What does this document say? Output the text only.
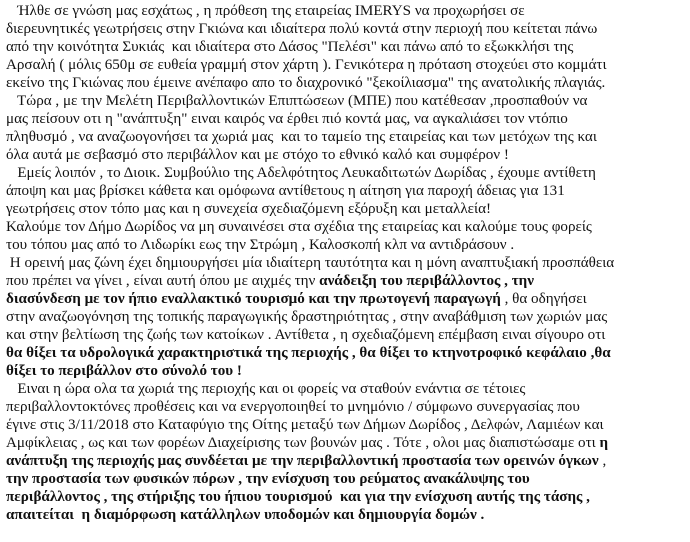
Ήλθε σε γνώση μας εσχάτως , η πρόθεση της εταιρείας IMERYS να προχωρήσει σε
διερευνητικές γεωτρήσεις στην Γκιώνα και ιδιαίτερα πολύ κοντά στην περιοχή που κείτεται πάνω
από την κοινότητα Συκιάς  και ιδιαίτερα στο Δάσος "Πελέσι" και πάνω από το εξωκκλήσι της
Αρσαλή ( μόλις 650μ σε ευθεία γραμμή στον χάρτη ). Γενικότερα η πρόταση στοχεύει στο κομμάτι
εκείνο της Γκιώνας που έμεινε ανέπαφο απο το διαχρονικό "ξεκοίλιασμα" της ανατολικής πλαγιάς.
Τώρα , με την Μελέτη Περιβαλλοντικών Επιπτώσεων (ΜΠΕ) που κατέθεσαν ,προσπαθούν να
μας πείσουν οτι η "ανάπτυξη" ειναι καιρός να έρθει πιό κοντά μας, να αγκαλιάσει τον ντόπιο
πληθυσμό , να αναζωογονήσει τα χωριά μας  και το ταμείο της εταιρείας και των μετόχων της και
όλα αυτά με σεβασμό στο περιβάλλον και με στόχο το εθνικό καλό και συμφέρον !
Εμείς λοιπόν , το Διοικ. Συμβούλιο της Αδελφότητος Λευκαδιτωτών Δωρίδας , έχουμε αντίθετη
άποψη και μας βρίσκει κάθετα και ομόφωνα αντίθετους η αίτηση για παροχή άδειας για 131
γεωτρήσεις στον τόπο μας και η συνεχεία σχεδιαζόμενη εξόρυξη και μεταλλεία!
Καλούμε τον Δήμο Δωρίδος να μη συναινέσει στα σχέδια της εταιρείας και καλούμε τους φορείς
του τόπου μας από το Λιδωρίκι εως την Στρώμη , Καλοσκοπή κλπ να αντιδράσουν .
Η ορεινή μας ζώνη έχει δημιουργήσει μία ιδιαίτερη ταυτότητα και η μόνη αναπτυξιακή προσπάθεια
που πρέπει να γίνει , είναι αυτή όπου με αιχμές την ανάδειξη του περιβάλλοντος , την
διασύνδεση με τον ήπιο εναλλακτικό τουρισμό και την πρωτογενή παραγωγή , θα οδηγήσει
στην αναζωογόνηση της τοπικής παραγωγικής δραστηριότητας , στην αναβάθμιση των χωριών μας
και στην βελτίωση της ζωής των κατοίκων . Αντίθετα , η σχεδιαζόμενη επέμβαση ειναι σίγουρο οτι
θα θίξει τα υδρολογικά χαρακτηριστικά της περιοχής , θα θίξει το κτηνοτροφικό κεφάλαιο ,θα
θίξει το περιβάλλον στο σύνολό του !
Ειναι η ώρα ολα τα χωριά της περιοχής και οι φορείς να σταθούν ενάντια σε τέτοιες
περιβαλλοντοκτόνες προθέσεις και να ενεργοποιηθεί το μνημόνιο / σύμφωνο συνεργασίας που
έγινε στις 3/11/2018 στο Καταφύγιο της Οίτης μεταξύ των Δήμων Δωρίδος , Δελφών, Λαμιέων και
Αμφίκλειας , ως και των φορέων Διαχείρισης των βουνών μας . Τότε , ολοι μας διαπιστώσαμε οτι η
ανάπτυξη της περιοχής μας συνδέεται με την περιβαλλοντική προστασία των ορεινών όγκων ,
την προστασία των φυσικών πόρων , την ενίσχυση του ρεύματος ανακάλυψης του
περιβάλλοντος , της στήριξης του ήπιου τουρισμού  και για την ενίσχυση αυτής της τάσης ,
απαιτείται  η διαμόρφωση κατάλληλων υποδομών και δημιουργία δομών .
